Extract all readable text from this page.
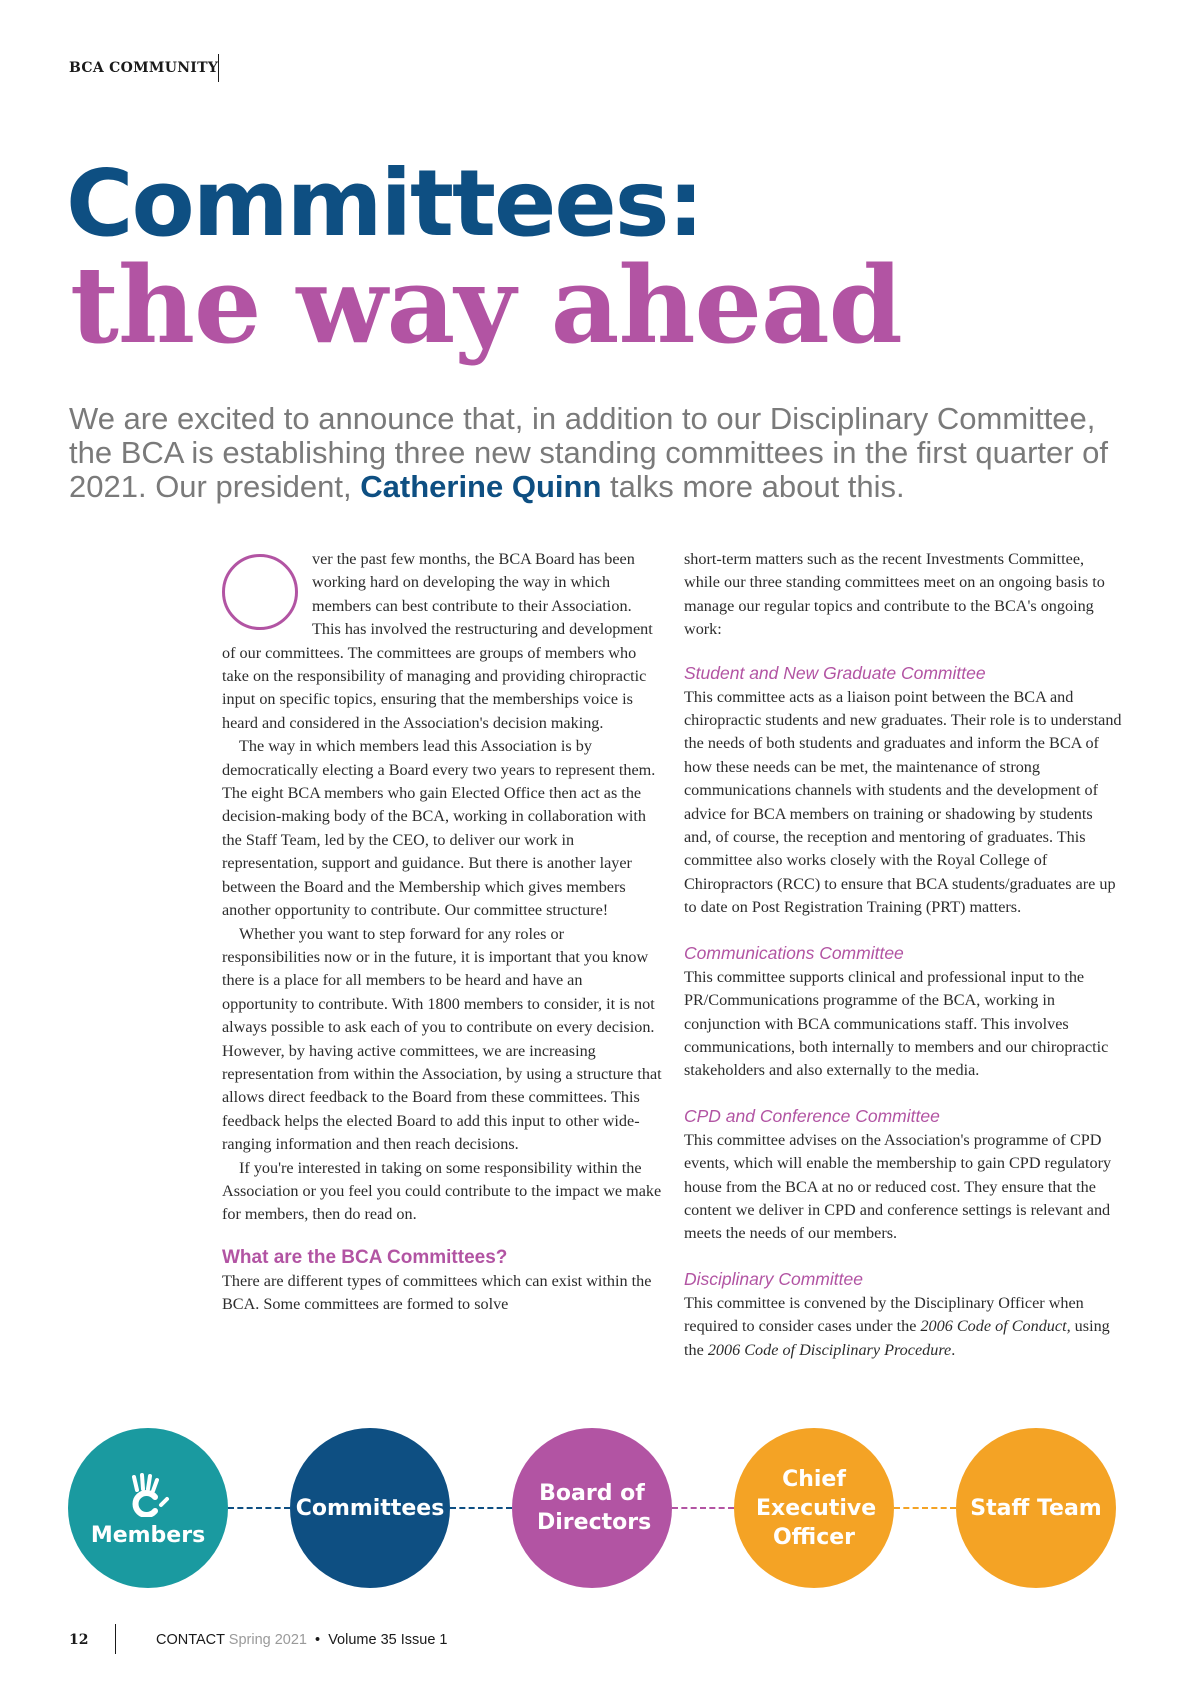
BCA COMMUNITY
Committees:
the way ahead
We are excited to announce that, in addition to our Disciplinary Committee, the BCA is establishing three new standing committees in the first quarter of 2021. Our president, Catherine Quinn talks more about this.

ver the past few months, the BCA Board has been working hard on developing the way in which members can best contribute to their Association. This has involved the restructuring and development of our committees. The committees are groups of members who take on the responsibility of managing and providing chiropractic input on specific topics, ensuring that the memberships voice is heard and considered in the Association's decision making.

The way in which members lead this Association is by democratically electing a Board every two years to represent them. The eight BCA members who gain Elected Office then act as the decision-making body of the BCA, working in collaboration with the Staff Team, led by the CEO, to deliver our work in representation, support and guidance. But there is another layer between the Board and the Membership which gives members another opportunity to contribute. Our committee structure!

Whether you want to step forward for any roles or responsibilities now or in the future, it is important that you know there is a place for all members to be heard and have an opportunity to contribute. With 1800 members to consider, it is not always possible to ask each of you to contribute on every decision. However, by having active committees, we are increasing representation from within the Association, by using a structure that allows direct feedback to the Board from these committees. This feedback helps the elected Board to add this input to other wide-ranging information and then reach decisions.

If you're interested in taking on some responsibility within the Association or you feel you could contribute to the impact we make for members, then do read on.

What are the BCA Committees?

There are different types of committees which can exist within the BCA. Some committees are formed to solve

short-term matters such as the recent Investments Committee, while our three standing committees meet on an ongoing basis to manage our regular topics and contribute to the BCA's ongoing work:

Student and New Graduate Committee

This committee acts as a liaison point between the BCA and chiropractic students and new graduates. Their role is to understand the needs of both students and graduates and inform the BCA of how these needs can be met, the maintenance of strong communications channels with students and the development of advice for BCA members on training or shadowing by students and, of course, the reception and mentoring of graduates. This committee also works closely with the Royal College of Chiropractors (RCC) to ensure that BCA students/graduates are up to date on Post Registration Training (PRT) matters.

Communications Committee

This committee supports clinical and professional input to the PR/Communications programme of the BCA, working in conjunction with BCA communications staff. This involves communications, both internally to members and our chiropractic stakeholders and also externally to the media.

CPD and Conference Committee

This committee advises on the Association's programme of CPD events, which will enable the membership to gain CPD regulatory house from the BCA at no or reduced cost. They ensure that the content we deliver in CPD and conference settings is relevant and meets the needs of our members.

Disciplinary Committee

This committee is convened by the Disciplinary Officer when required to consider cases under the 2006 Code of Conduct, using the 2006 Code of Disciplinary Procedure.

Members
Committees
Board of Directors
Chief Executive Officer
Staff Team
12	CONTACT Spring 2021 • Volume 35 Issue 1
